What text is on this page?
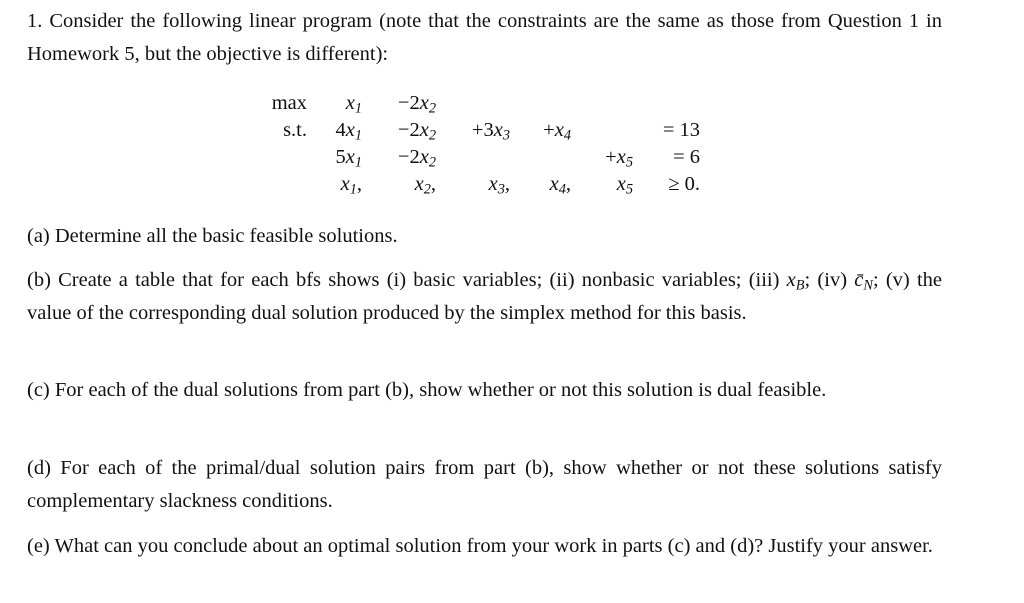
1. Consider the following linear program (note that the constraints are the same as those from Question 1 in Homework 5, but the objective is different):

max	$x_1$	$-2x_2$				
s.t.	$4x_1$	$-2x_2$	$+3x_3$	$+x_4$		= 13
	$5x_1$	$-2x_2$			$+x_5$	= 6
	$x_1$,	$x_2$,	$x_3$,	$x_4$,	$x_5$	≥ 0.

(a) Determine all the basic feasible solutions.

(b) Create a table that for each bfs shows (i) basic variables; (ii) nonbasic variables; (iii) $x_B$; (iv) $c̄_N$; (v) the value of the corresponding dual solution produced by the simplex method for this basis.

(c) For each of the dual solutions from part (b), show whether or not this solution is dual feasible.

(d) For each of the primal/dual solution pairs from part (b), show whether or not these solutions satisfy complementary slackness conditions.

(e) What can you conclude about an optimal solution from your work in parts (c) and (d)? Justify your answer.
